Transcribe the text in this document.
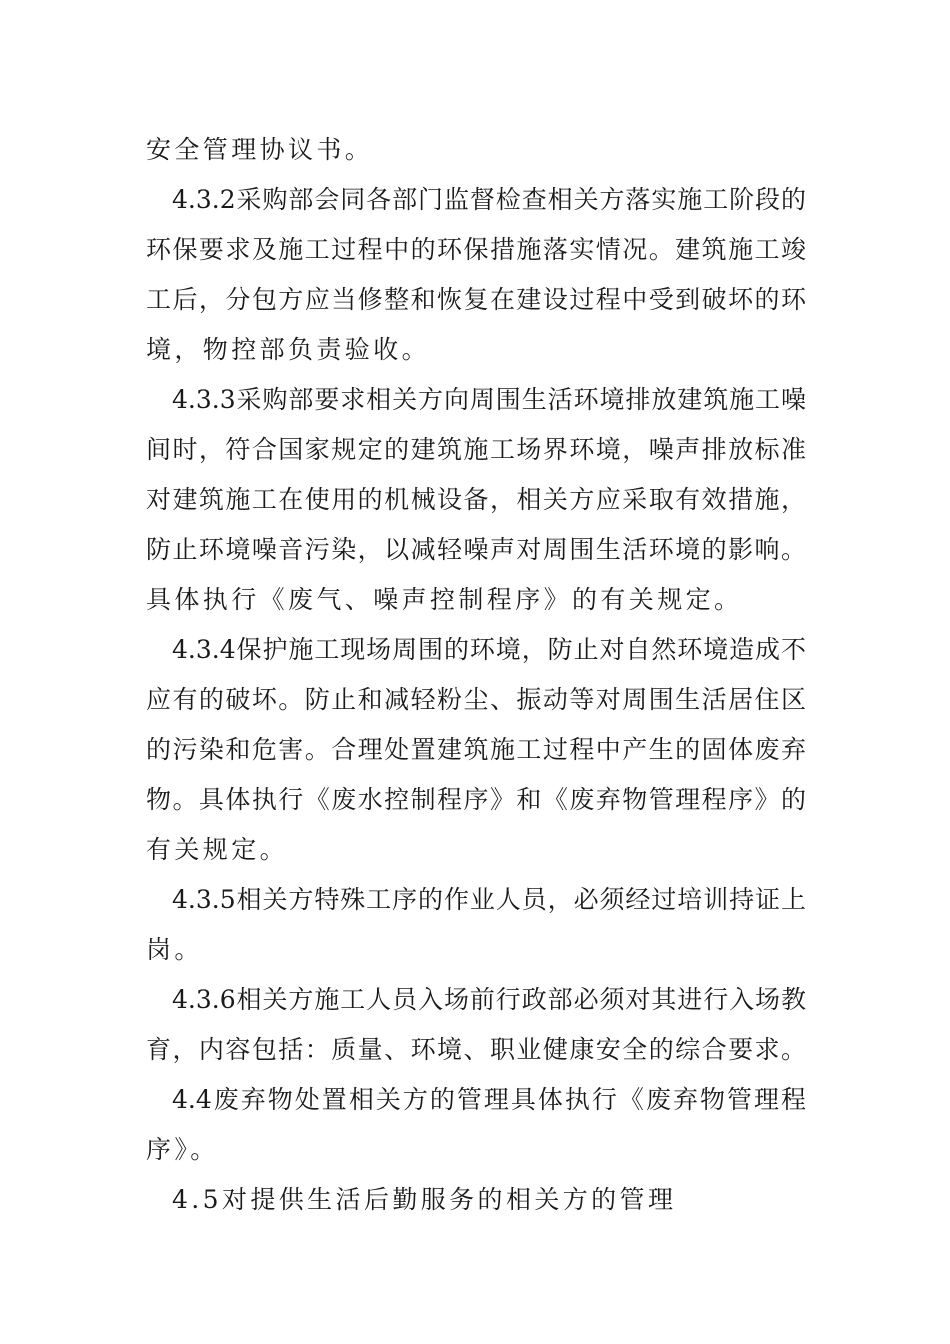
安全管理协议书。
4.3.2采购部会同各部门监督检查相关方落实施工阶段的
环保要求及施工过程中的环保措施落实情况。建筑施工竣
工后，分包方应当修整和恢复在建设过程中受到破坏的环
境，物控部负责验收。
4.3.3采购部要求相关方向周围生活环境排放建筑施工噪
间时，符合国家规定的建筑施工场界环境，噪声排放标准
对建筑施工在使用的机械设备，相关方应采取有效措施，
防止环境噪音污染，以减轻噪声对周围生活环境的影响。
具体执行《废气、噪声控制程序》的有关规定。
4.3.4保护施工现场周围的环境，防止对自然环境造成不
应有的破坏。防止和减轻粉尘、振动等对周围生活居住区
的污染和危害。合理处置建筑施工过程中产生的固体废弃
物。具体执行《废水控制程序》和《废弃物管理程序》的
有关规定。
4.3.5相关方特殊工序的作业人员，必须经过培训持证上
岗。
4.3.6相关方施工人员入场前行政部必须对其进行入场教
育，内容包括：质量、环境、职业健康安全的综合要求。
4.4废弃物处置相关方的管理具体执行《废弃物管理程
序》。
4.5对提供生活后勤服务的相关方的管理
